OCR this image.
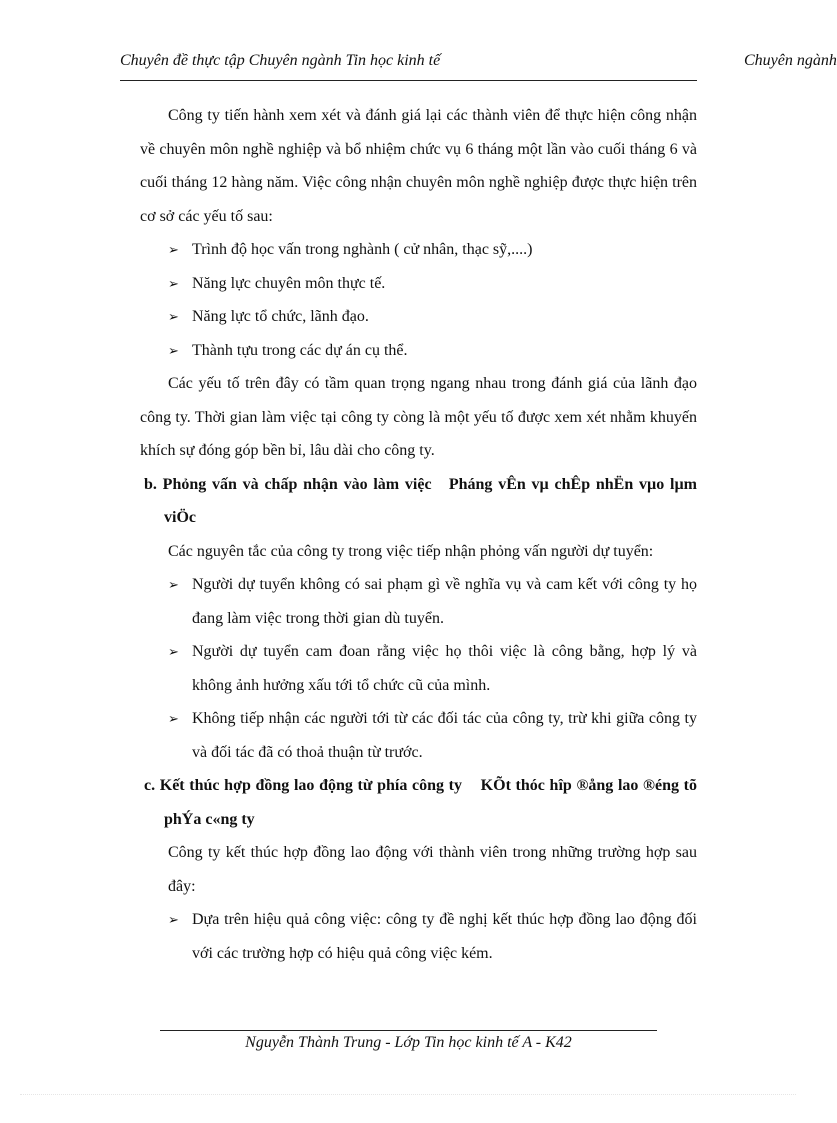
Chuyên đề thực tập Chuyên ngành Tin học kinh tế	Chuyên ngành

Công ty tiến hành xem xét và đánh giá lại các thành viên để thực hiện công nhận về chuyên môn nghề nghiệp và bổ nhiệm chức vụ 6 tháng một lần vào cuối tháng 6 và cuối tháng 12 hàng năm. Việc công nhận chuyên môn nghề nghiệp được thực hiện trên cơ sở các yếu tố sau:

➢ Trình độ học vấn trong nghành ( cử nhân, thạc sỹ,....)
➢ Năng lực chuyên môn thực tế.
➢ Năng lực tổ chức, lãnh đạo.
➢ Thành tựu trong các dự án cụ thể.

Các yếu tố trên đây có tầm quan trọng ngang nhau trong đánh giá của lãnh đạo công ty. Thời gian làm việc tại công ty còng là một yếu tố được xem xét nhằm khuyến khích sự đóng góp bền bỉ, lâu dài cho công ty.

b. Phỏng vấn và chấp nhận vào làm việc Pháng vÊn vµ chÊp nhËn vµo lµm viÖc

Các nguyên tắc của công ty trong việc tiếp nhận phỏng vấn người dự tuyển:

➢ Người dự tuyển không có sai phạm gì về nghĩa vụ và cam kết với công ty họ đang làm việc trong thời gian dù tuyển.
➢ Người dự tuyển cam đoan rằng việc họ thôi việc là công bằng, hợp lý và không ảnh hưởng xấu tới tổ chức cũ của mình.
➢ Không tiếp nhận các người tới từ các đối tác của công ty, trừ khi giữa công ty và đối tác đã có thoả thuận từ trước.

c. Kết thúc hợp đồng lao động từ phía công ty KÕt thóc hîp ®ång lao ®éng tõ phÝa c«ng ty

Công ty kết thúc hợp đồng lao động với thành viên trong những trường hợp sau đây:

➢ Dựa trên hiệu quả công việc: công ty đề nghị kết thúc hợp đồng lao động đối với các trường hợp có hiệu quả công việc kém.
Nguyễn Thành Trung - Lớp Tin học kinh tế A - K42
